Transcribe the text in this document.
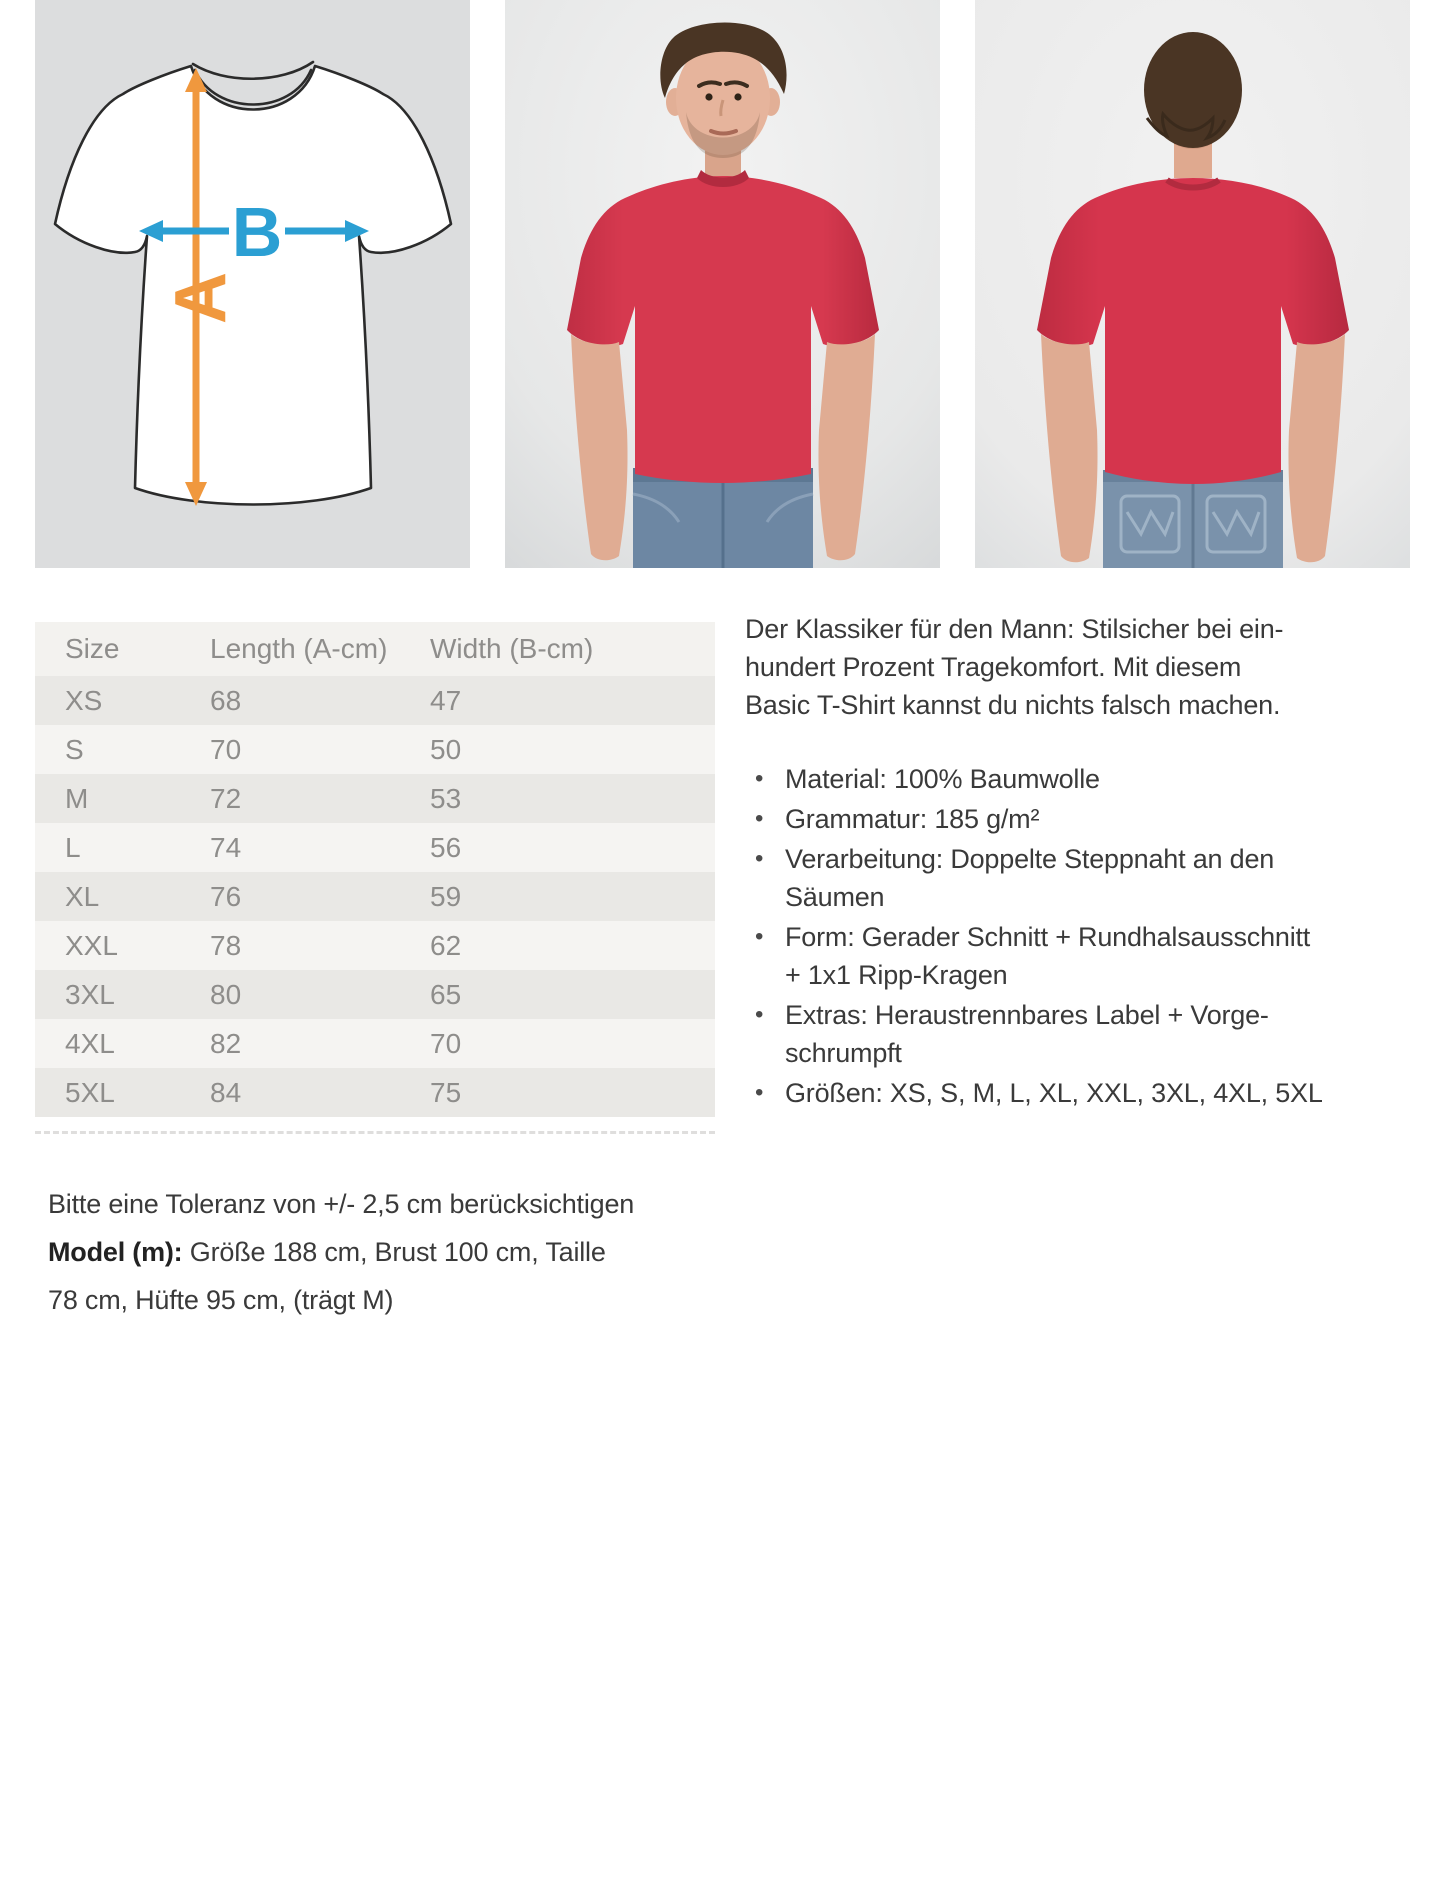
A
B
Size	Length (A-cm)	Width (B-cm)
XS	68	47
S	70	50
M	72	53
L	74	56
XL	76	59
XXL	78	62
3XL	80	65
4XL	82	70
5XL	84	75

Der Klassiker für den Mann: Stilsicher bei ein-
hundert Prozent Tragekomfort. Mit diesem
Basic T-Shirt kannst du nichts falsch machen.

• Material: 100% Baumwolle
• Grammatur: 185 g/m²
• Verarbeitung: Doppelte Steppnaht an den
Säumen
• Form: Gerader Schnitt + Rundhalsausschnitt
+ 1x1 Ripp-Kragen
• Extras: Heraustrennbares Label + Vorge-
schrumpft
• Größen: XS, S, M, L, XL, XXL, 3XL, 4XL, 5XL
Bitte eine Toleranz von +/- 2,5 cm berücksichtigen
Model (m): Größe 188 cm, Brust 100 cm, Taille
78 cm, Hüfte 95 cm, (trägt M)
